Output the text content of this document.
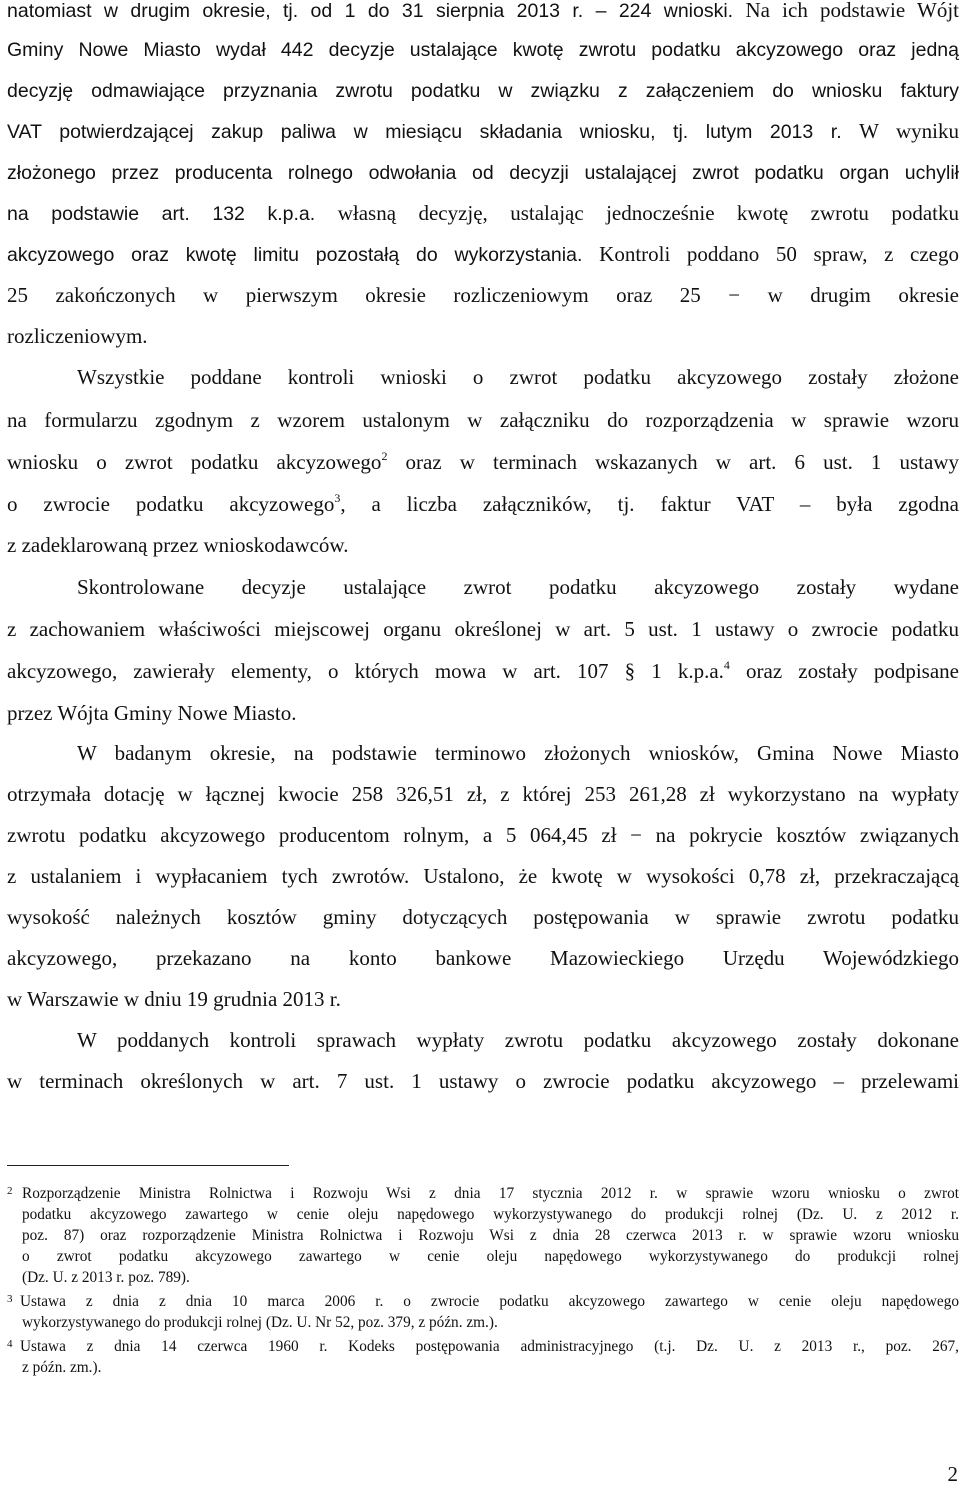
natomiast w drugim okresie, tj. od 1 do 31 sierpnia 2013 r. – 224 wnioski. Na ich podstawie Wójt
Gminy Nowe Miasto wydał 442 decyzje ustalające kwotę zwrotu podatku akcyzowego oraz jedną
decyzję odmawiające przyznania zwrotu podatku w związku z załączeniem do wniosku faktury
VAT potwierdzającej zakup paliwa w miesiącu składania wniosku, tj. lutym 2013 r. W wyniku
złożonego przez producenta rolnego odwołania od decyzji ustalającej zwrot podatku organ uchylił
na podstawie art. 132 k.p.a. własną decyzję, ustalając jednocześnie kwotę zwrotu podatku
akcyzowego oraz kwotę limitu pozostałą do wykorzystania. Kontroli poddano 50 spraw, z czego
25 zakończonych w pierwszym okresie rozliczeniowym oraz 25 − w drugim okresie
rozliczeniowym.
Wszystkie poddane kontroli wnioski o zwrot podatku akcyzowego zostały złożone
na formularzu zgodnym z wzorem ustalonym w załączniku do rozporządzenia w sprawie wzoru
wniosku o zwrot podatku akcyzowego$^2$ oraz w terminach wskazanych w art. 6 ust. 1 ustawy
o zwrocie podatku akcyzowego$^3$, a liczba załączników, tj. faktur VAT – była zgodna
z zadeklarowaną przez wnioskodawców.
Skontrolowane decyzje ustalające zwrot podatku akcyzowego zostały wydane
z zachowaniem właściwości miejscowej organu określonej w art. 5 ust. 1 ustawy o zwrocie podatku
akcyzowego, zawierały elementy, o których mowa w art. 107 § 1 k.p.a.$^4$ oraz zostały podpisane
przez Wójta Gminy Nowe Miasto.
W badanym okresie, na podstawie terminowo złożonych wniosków, Gmina Nowe Miasto
otrzymała dotację w łącznej kwocie 258 326,51 zł, z której 253 261,28 zł wykorzystano na wypłaty
zwrotu podatku akcyzowego producentom rolnym, a 5 064,45 zł − na pokrycie kosztów związanych
z ustalaniem i wypłacaniem tych zwrotów. Ustalono, że kwotę w wysokości 0,78 zł, przekraczającą
wysokość należnych kosztów gminy dotyczących postępowania w sprawie zwrotu podatku
akcyzowego, przekazano na konto bankowe Mazowieckiego Urzędu Wojewódzkiego
w Warszawie w dniu 19 grudnia 2013 r.
W poddanych kontroli sprawach wypłaty zwrotu podatku akcyzowego zostały dokonane
w terminach określonych w art. 7 ust. 1 ustawy o zwrocie podatku akcyzowego – przelewami
2 Rozporządzenie Ministra Rolnictwa i Rozwoju Wsi z dnia 17 stycznia 2012 r. w sprawie wzoru wniosku o zwrot
podatku akcyzowego zawartego w cenie oleju napędowego wykorzystywanego do produkcji rolnej (Dz. U. z 2012 r.
poz. 87) oraz rozporządzenie Ministra Rolnictwa i Rozwoju Wsi z dnia 28 czerwca 2013 r. w sprawie wzoru wniosku
o zwrot podatku akcyzowego zawartego w cenie oleju napędowego wykorzystywanego do produkcji rolnej
(Dz. U. z 2013 r. poz. 789).
3 Ustawa z dnia z dnia 10 marca 2006 r. o zwrocie podatku akcyzowego zawartego w cenie oleju napędowego
wykorzystywanego do produkcji rolnej (Dz. U. Nr 52, poz. 379, z późn. zm.).
4 Ustawa z dnia 14 czerwca 1960 r. Kodeks postępowania administracyjnego (t.j. Dz. U. z 2013 r., poz. 267,
z późn. zm.).
2
